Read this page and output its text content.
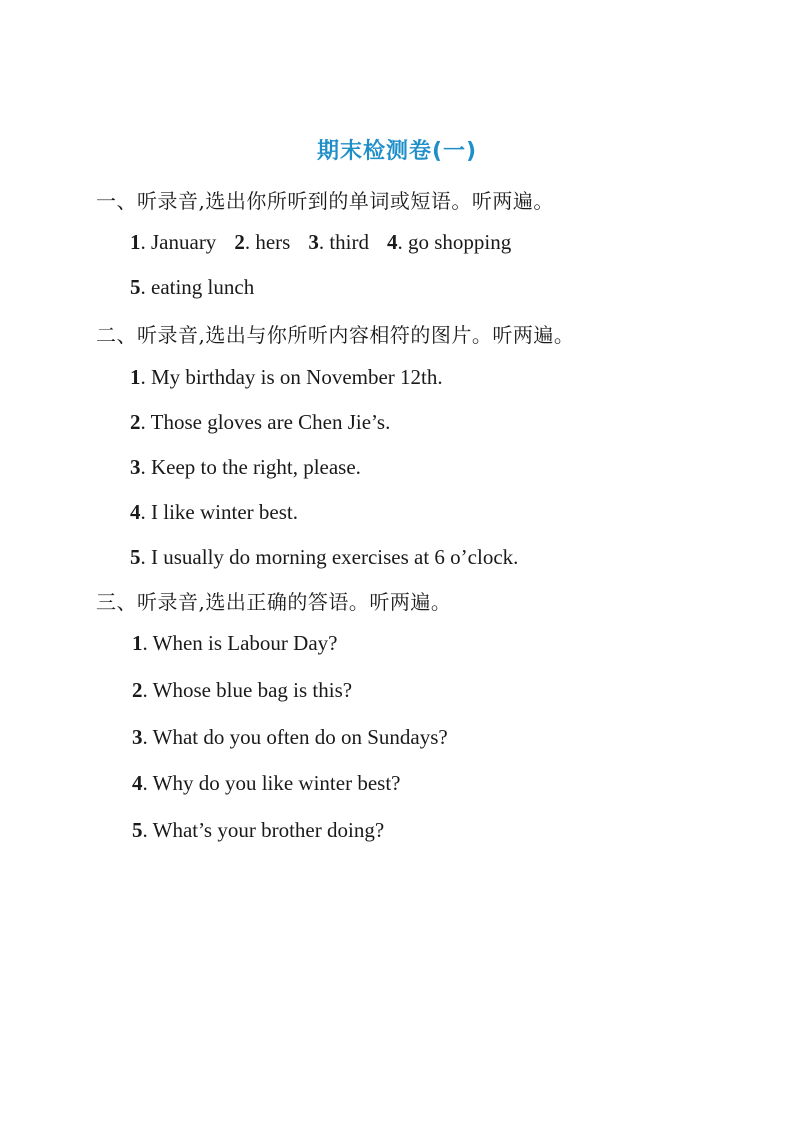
期末检测卷(一)
一、听录音,选出你所听到的单词或短语。听两遍。
1. January 2. hers 3. third 4. go shopping
5. eating lunch
二、听录音,选出与你所听内容相符的图片。听两遍。
1. My birthday is on November 12th.
2. Those gloves are Chen Jie’s.
3. Keep to the right, please.
4. I like winter best.
5. I usually do morning exercises at 6 o’clock.
三、听录音,选出正确的答语。听两遍。
1. When is Labour Day?
2. Whose blue bag is this?
3. What do you often do on Sundays?
4. Why do you like winter best?
5. What’s your brother doing?
